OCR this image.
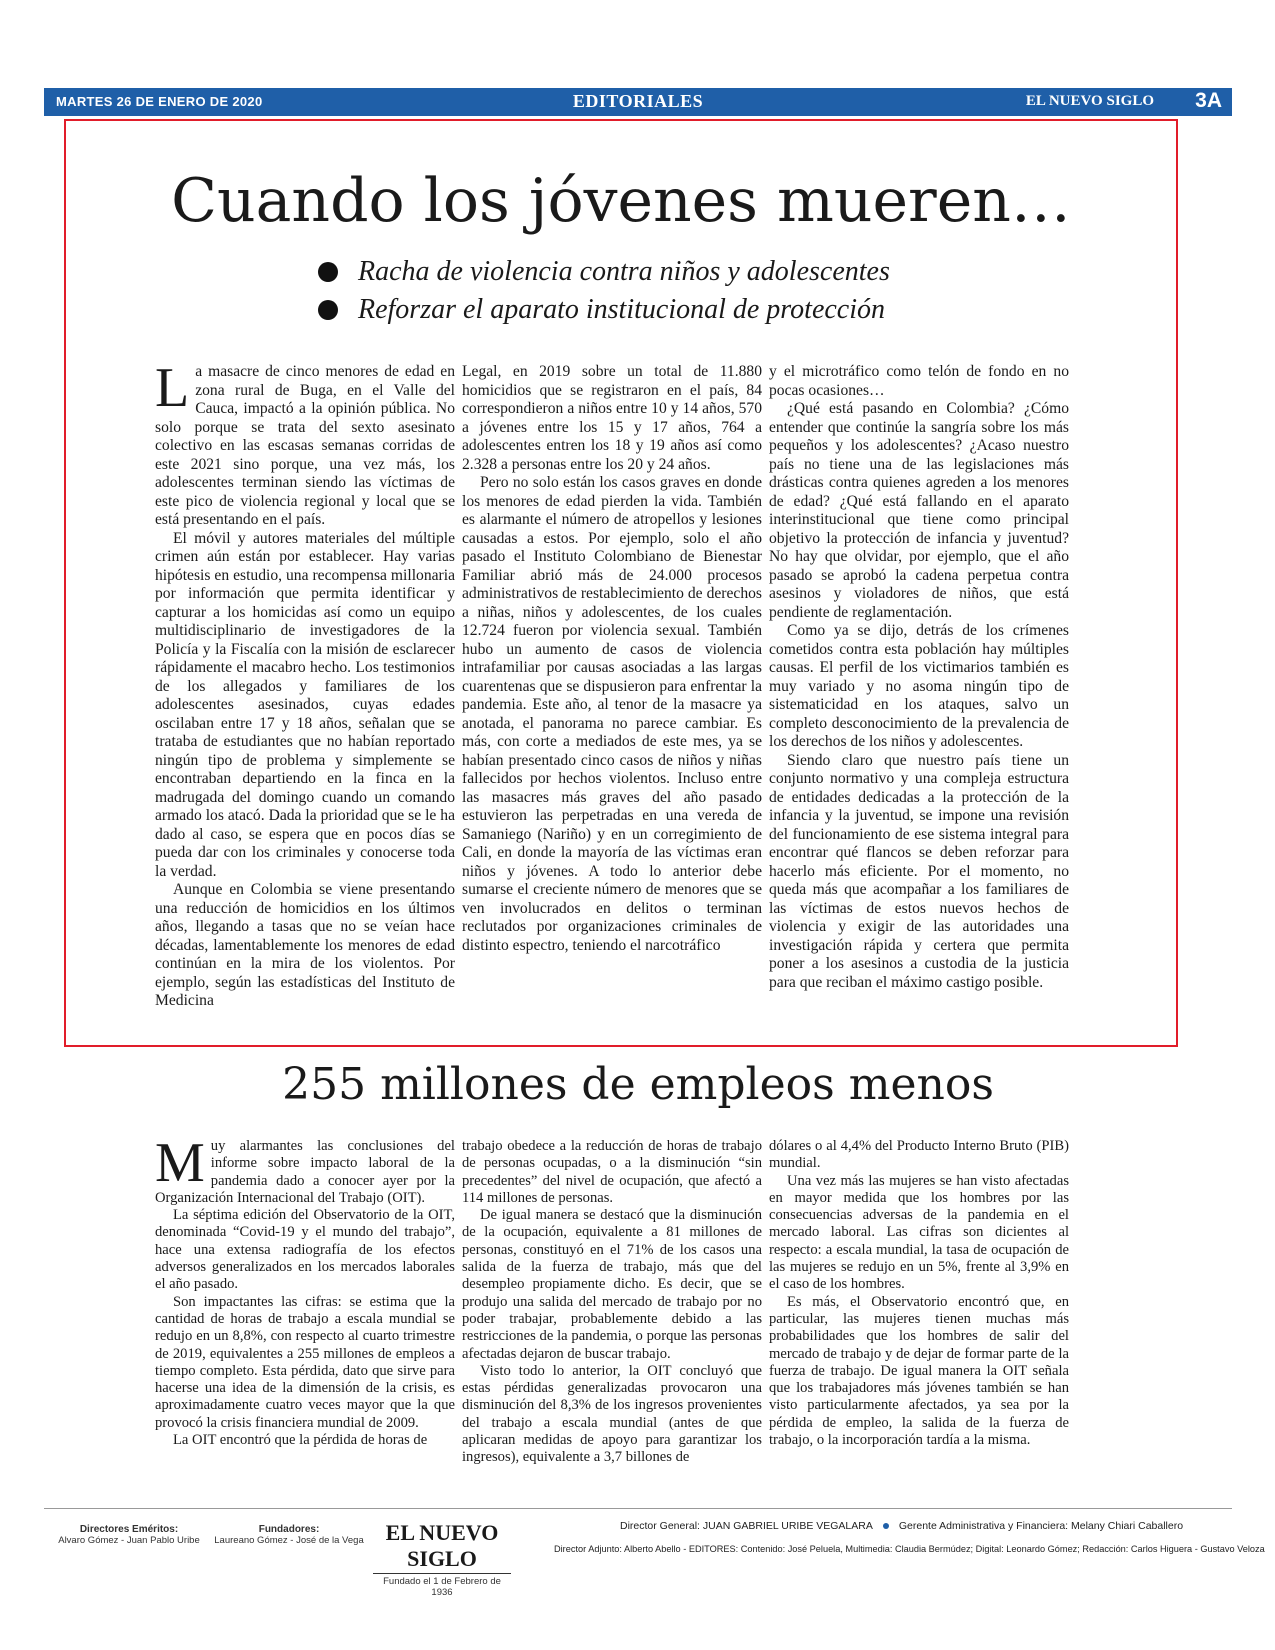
MARTES 26 DE ENERO DE 2020	EDITORIALES	EL NUEVO SIGLO 3A
Cuando los jóvenes mueren…
Racha de violencia contra niños y adolescentes
Reforzar el aparato institucional de protección

La masacre de cinco menores de edad en zona rural de Buga, en el Valle del Cauca, impactó a la opinión pública. No solo porque se trata del sexto asesinato colectivo en las escasas semanas corridas de este 2021 sino porque, una vez más, los adolescentes terminan siendo las víctimas de este pico de violencia regional y local que se está presentando en el país.

El móvil y autores materiales del múltiple crimen aún están por establecer. Hay varias hipótesis en estudio, una recompensa millonaria por información que permita identificar y capturar a los homicidas así como un equipo multidisciplinario de investigadores de la Policía y la Fiscalía con la misión de esclarecer rápidamente el macabro hecho. Los testimonios de los allegados y familiares de los adolescentes asesinados, cuyas edades oscilaban entre 17 y 18 años, señalan que se trataba de estudiantes que no habían reportado ningún tipo de problema y simplemente se encontraban departiendo en la finca en la madrugada del domingo cuando un comando armado los atacó. Dada la prioridad que se le ha dado al caso, se espera que en pocos días se pueda dar con los criminales y conocerse toda la verdad.

Aunque en Colombia se viene presentando una reducción de homicidios en los últimos años, llegando a tasas que no se veían hace décadas, lamentablemente los menores de edad continúan en la mira de los violentos. Por ejemplo, según las estadísticas del Instituto de Medicina

Legal, en 2019 sobre un total de 11.880 homicidios que se registraron en el país, 84 correspondieron a niños entre 10 y 14 años, 570 a jóvenes entre los 15 y 17 años, 764 a adolescentes entren los 18 y 19 años así como 2.328 a personas entre los 20 y 24 años.

Pero no solo están los casos graves en donde los menores de edad pierden la vida. También es alarmante el número de atropellos y lesiones causadas a estos. Por ejemplo, solo el año pasado el Instituto Colombiano de Bienestar Familiar abrió más de 24.000 procesos administrativos de restablecimiento de derechos a niñas, niños y adolescentes, de los cuales 12.724 fueron por violencia sexual. También hubo un aumento de casos de violencia intrafamiliar por causas asociadas a las largas cuarentenas que se dispusieron para enfrentar la pandemia. Este año, al tenor de la masacre ya anotada, el panorama no parece cambiar. Es más, con corte a mediados de este mes, ya se habían presentado cinco casos de niños y niñas fallecidos por hechos violentos. Incluso entre las masacres más graves del año pasado estuvieron las perpetradas en una vereda de Samaniego (Nariño) y en un corregimiento de Cali, en donde la mayoría de las víctimas eran niños y jóvenes. A todo lo anterior debe sumarse el creciente número de menores que se ven involucrados en delitos o terminan reclutados por organizaciones criminales de distinto espectro, teniendo el narcotráfico

y el microtráfico como telón de fondo en no pocas ocasiones…

¿Qué está pasando en Colombia? ¿Cómo entender que continúe la sangría sobre los más pequeños y los adolescentes? ¿Acaso nuestro país no tiene una de las legislaciones más drásticas contra quienes agreden a los menores de edad? ¿Qué está fallando en el aparato interinstitucional que tiene como principal objetivo la protección de infancia y juventud? No hay que olvidar, por ejemplo, que el año pasado se aprobó la cadena perpetua contra asesinos y violadores de niños, que está pendiente de reglamentación.

Como ya se dijo, detrás de los crímenes cometidos contra esta población hay múltiples causas. El perfil de los victimarios también es muy variado y no asoma ningún tipo de sistematicidad en los ataques, salvo un completo desconocimiento de la prevalencia de los derechos de los niños y adolescentes.

Siendo claro que nuestro país tiene un conjunto normativo y una compleja estructura de entidades dedicadas a la protección de la infancia y la juventud, se impone una revisión del funcionamiento de ese sistema integral para encontrar qué flancos se deben reforzar para hacerlo más eficiente. Por el momento, no queda más que acompañar a los familiares de las víctimas de estos nuevos hechos de violencia y exigir de las autoridades una investigación rápida y certera que permita poner a los asesinos a custodia de la justicia para que reciban el máximo castigo posible.

255 millones de empleos menos

Muy alarmantes las conclusiones del informe sobre impacto laboral de la pandemia dado a conocer ayer por la Organización Internacional del Trabajo (OIT).

La séptima edición del Observatorio de la OIT, denominada “Covid-19 y el mundo del trabajo”, hace una extensa radiografía de los efectos adversos generalizados en los mercados laborales el año pasado.

Son impactantes las cifras: se estima que la cantidad de horas de trabajo a escala mundial se redujo en un 8,8%, con respecto al cuarto trimestre de 2019, equivalentes a 255 millones de empleos a tiempo completo. Esta pérdida, dato que sirve para hacerse una idea de la dimensión de la crisis, es aproximadamente cuatro veces mayor que la que provocó la crisis financiera mundial de 2009.

La OIT encontró que la pérdida de horas de

trabajo obedece a la reducción de horas de trabajo de personas ocupadas, o a la disminución “sin precedentes” del nivel de ocupación, que afectó a 114 millones de personas.

De igual manera se destacó que la disminución de la ocupación, equivalente a 81 millones de personas, constituyó en el 71% de los casos una salida de la fuerza de trabajo, más que del desempleo propiamente dicho. Es decir, que se produjo una salida del mercado de trabajo por no poder trabajar, probablemente debido a las restricciones de la pandemia, o porque las personas afectadas dejaron de buscar trabajo.

Visto todo lo anterior, la OIT concluyó que estas pérdidas generalizadas provocaron una disminución del 8,3% de los ingresos provenientes del trabajo a escala mundial (antes de que aplicaran medidas de apoyo para garantizar los ingresos), equivalente a 3,7 billones de

dólares o al 4,4% del Producto Interno Bruto (PIB) mundial.

Una vez más las mujeres se han visto afectadas en mayor medida que los hombres por las consecuencias adversas de la pandemia en el mercado laboral. Las cifras son dicientes al respecto: a escala mundial, la tasa de ocupación de las mujeres se redujo en un 5%, frente al 3,9% en el caso de los hombres.

Es más, el Observatorio encontró que, en particular, las mujeres tienen muchas más probabilidades que los hombres de salir del mercado de trabajo y de dejar de formar parte de la fuerza de trabajo. De igual manera la OIT señala que los trabajadores más jóvenes también se han visto particularmente afectados, ya sea por la pérdida de empleo, la salida de la fuerza de trabajo, o la incorporación tardía a la misma.

Directores Eméritos:
Alvaro Gómez - Juan Pablo Uribe
Fundadores:
Laureano Gómez - José de la Vega EL NUEVO SIGLO
Fundado el 1 de Febrero de 1936
Director General: JUAN GABRIEL URIBE VEGALARA Gerente Administrativa y Financiera: Melany Chiari Caballero
Director Adjunto: Alberto Abello - EDITORES: Contenido: José Peluela, Multimedia: Claudia Bermúdez; Digital: Leonardo Gómez; Redacción: Carlos Higuera - Gustavo Veloza
